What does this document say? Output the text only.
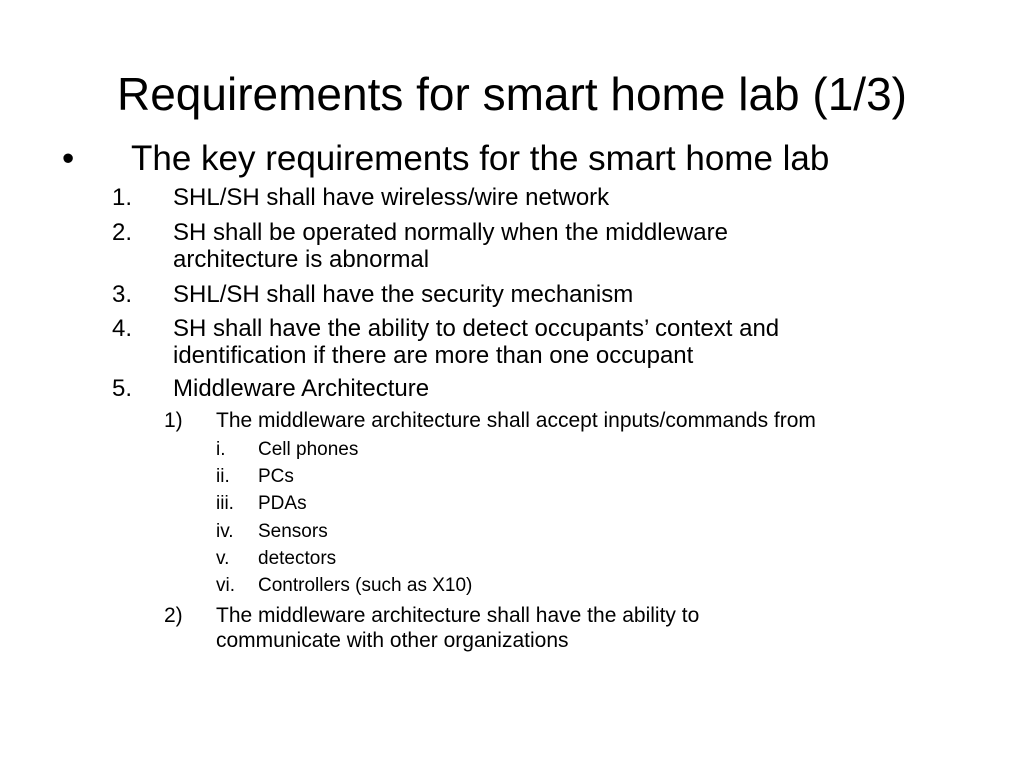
Requirements for smart home lab (1/3)
• The key requirements for the smart home lab
1. SHL/SH shall have wireless/wire network
2. SH shall be operated normally when the middleware
architecture is abnormal
3. SHL/SH shall have the security mechanism
4. SH shall have the ability to detect occupants’ context and
identification if there are more than one occupant
5. Middleware Architecture
1) The middleware architecture shall accept inputs/commands from
i. Cell phones
ii. PCs
iii. PDAs
iv. Sensors
v. detectors
vi. Controllers (such as X10)
2) The middleware architecture shall have the ability to
communicate with other organizations
